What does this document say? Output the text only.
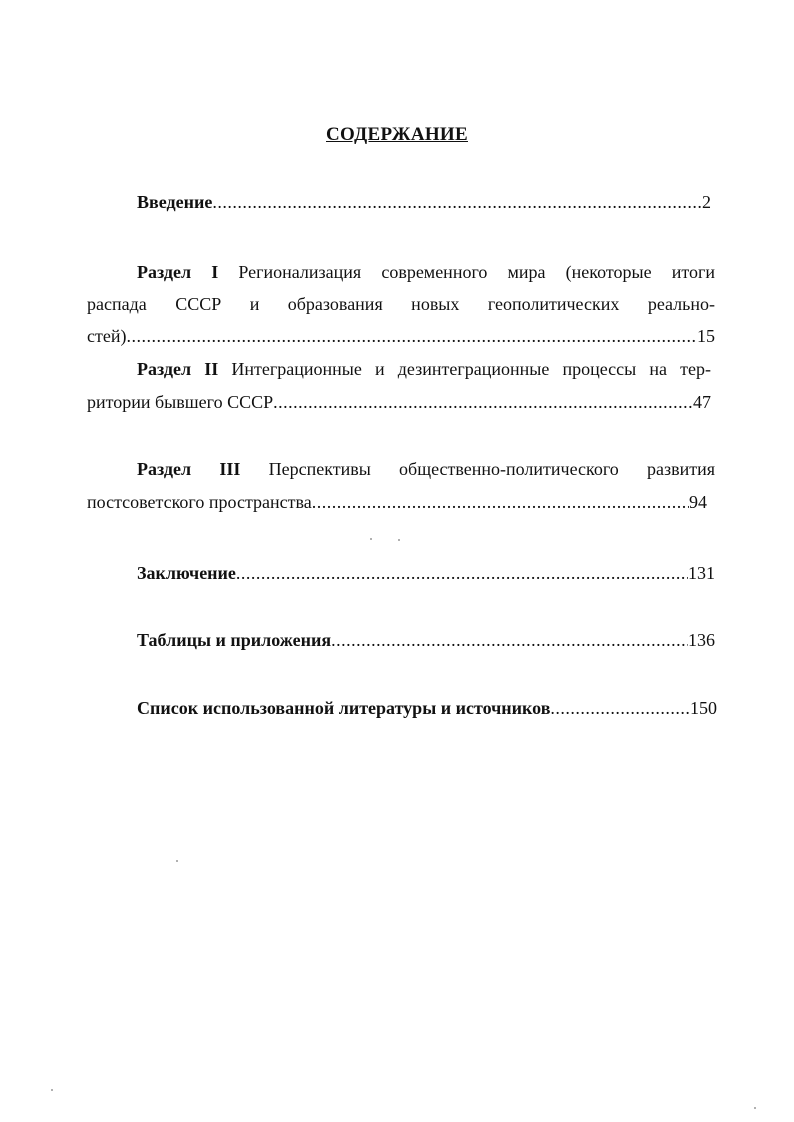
СОДЕРЖАНИЕ
Введение .....	2
Раздел I Регионализация современного мира (некоторые итоги
распада СССР и образования новых геополитических реально-
стей) .....	15
Раздел II Интеграционные и дезинтеграционные процессы на тер-
ритории бывшего СССР .....	47
Раздел III Перспективы общественно-политического развития
постсоветского пространства .....	94
Заключение .....	131
Таблицы и приложения .....	136
Список использованной литературы и источников .....	150
